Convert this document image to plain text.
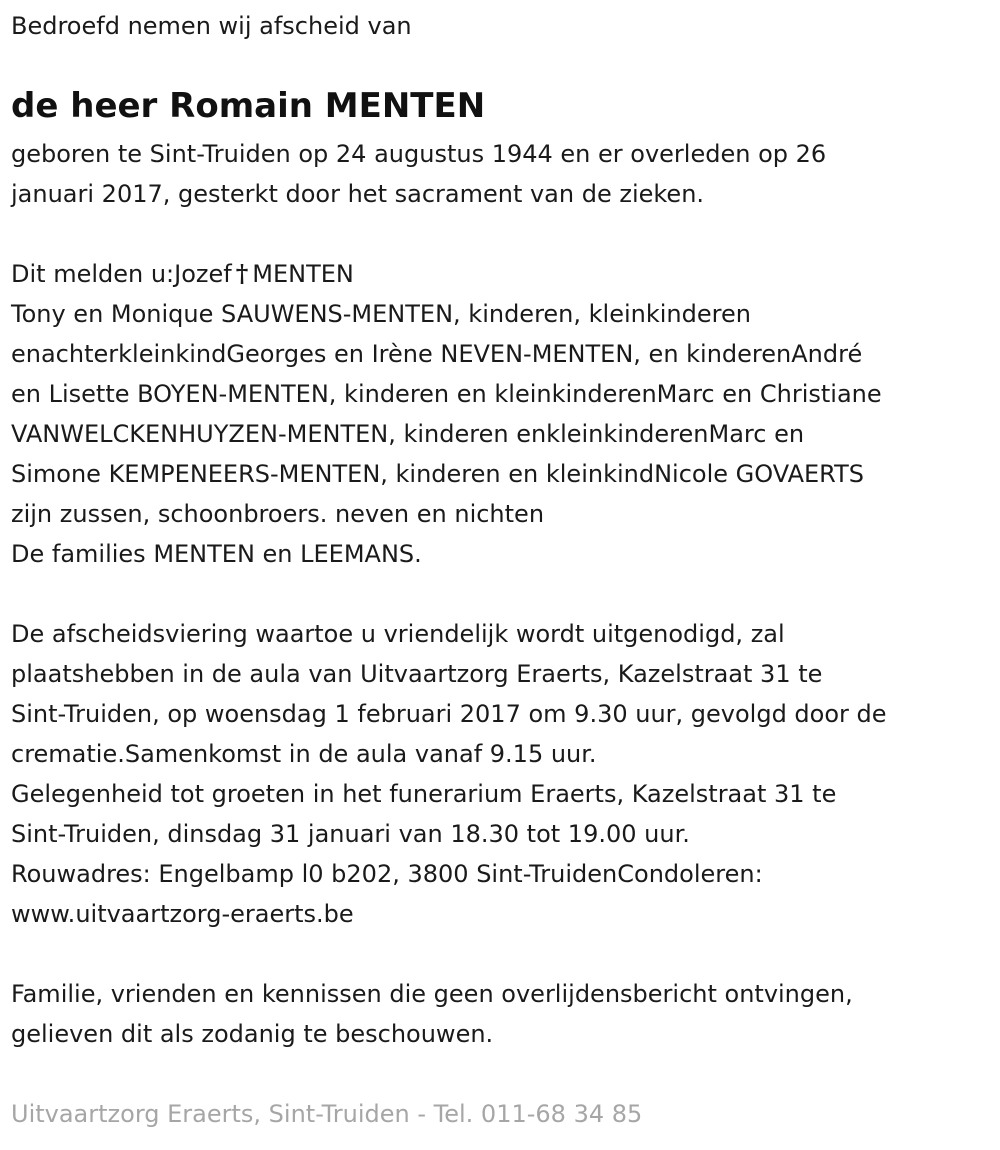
Bedroefd nemen wij afscheid van

de heer Romain MENTEN

geboren te Sint-Truiden op 24 augustus 1944 en er overleden op 26

januari 2017, gesterkt door het sacrament van de zieken.

Dit melden u:Jozef † MENTEN

Tony en Monique SAUWENS-MENTEN, kinderen, kleinkinderen

enachterkleinkindGeorges en Irène NEVEN-MENTEN, en kinderenAndré

en Lisette BOYEN-MENTEN, kinderen en kleinkinderenMarc en Christiane

VANWELCKENHUYZEN-MENTEN, kinderen enkleinkinderenMarc en

Simone KEMPENEERS-MENTEN, kinderen en kleinkindNicole GOVAERTS

zijn zussen, schoonbroers. neven en nichten

De families MENTEN en LEEMANS.

De afscheidsviering waartoe u vriendelijk wordt uitgenodigd, zal

plaatshebben in de aula van Uitvaartzorg Eraerts, Kazelstraat 31 te

Sint-Truiden, op woensdag 1 februari 2017 om 9.30 uur, gevolgd door de

crematie.Samenkomst in de aula vanaf 9.15 uur.

Gelegenheid tot groeten in het funerarium Eraerts, Kazelstraat 31 te

Sint-Truiden, dinsdag 31 januari van 18.30 tot 19.00 uur.

Rouwadres: Engelbamp l0 b202, 3800 Sint-TruidenCondoleren:

www.uitvaartzorg-eraerts.be

Familie, vrienden en kennissen die geen overlijdensbericht ontvingen,

gelieven dit als zodanig te beschouwen.

Uitvaartzorg Eraerts, Sint-Truiden - Tel. 011-68 34 85
